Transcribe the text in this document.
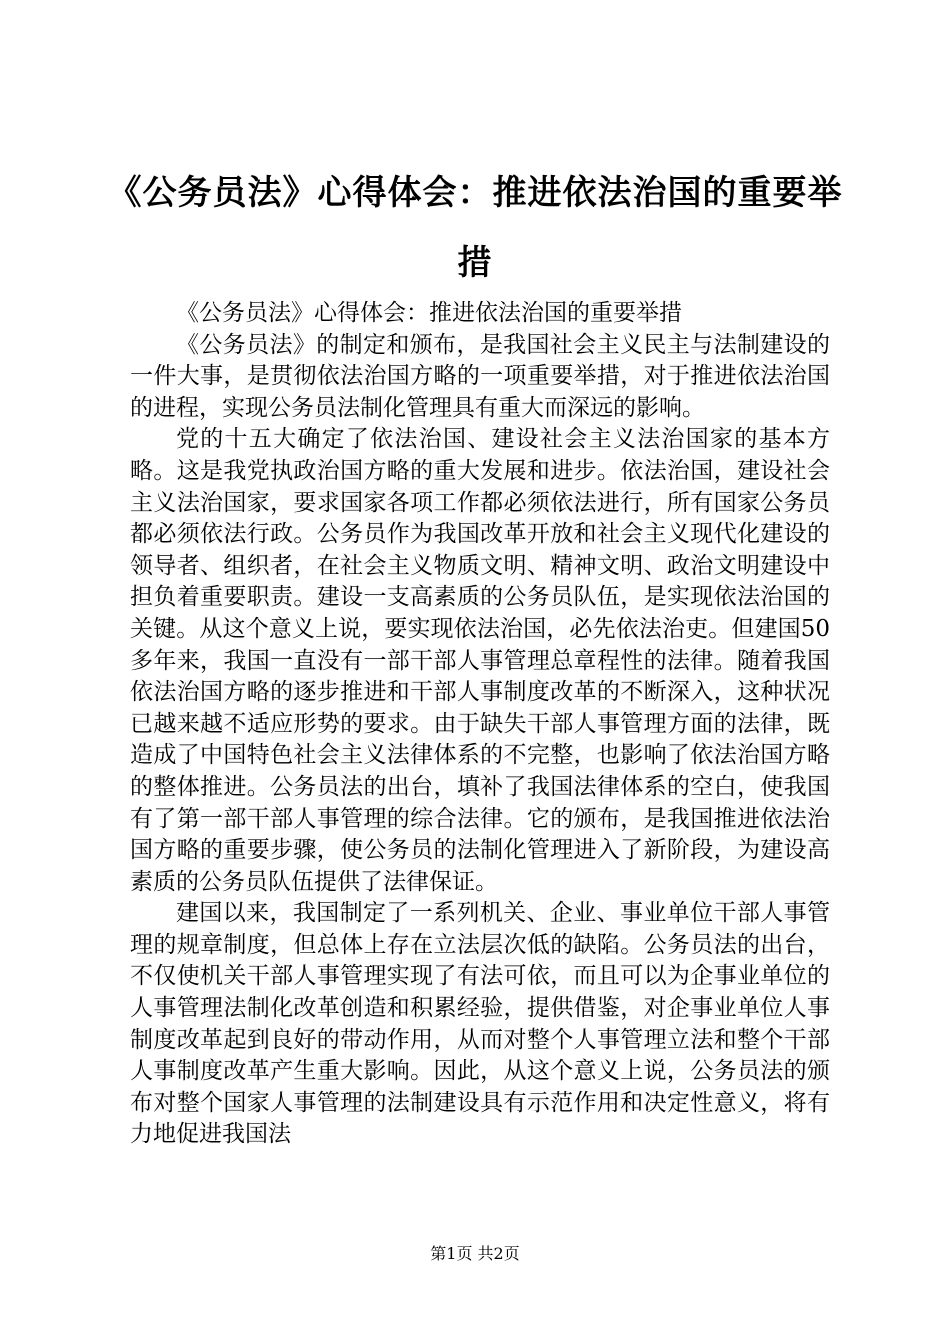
《公务员法》心得体会：推进依法治国的重要举措

《公务员法》心得体会：推进依法治国的重要举措

《公务员法》的制定和颁布，是我国社会主义民主与法制建设的一件大事，是贯彻依法治国方略的一项重要举措，对于推进依法治国的进程，实现公务员法制化管理具有重大而深远的影响。

党的十五大确定了依法治国、建设社会主义法治国家的基本方略。这是我党执政治国方略的重大发展和进步。依法治国，建设社会主义法治国家，要求国家各项工作都必须依法进行，所有国家公务员都必须依法行政。公务员作为我国改革开放和社会主义现代化建设的领导者、组织者，在社会主义物质文明、精神文明、政治文明建设中担负着重要职责。建设一支高素质的公务员队伍，是实现依法治国的关键。从这个意义上说，要实现依法治国，必先依法治吏。但建国50多年来，我国一直没有一部干部人事管理总章程性的法律。随着我国依法治国方略的逐步推进和干部人事制度改革的不断深入，这种状况已越来越不适应形势的要求。由于缺失干部人事管理方面的法律，既造成了中国特色社会主义法律体系的不完整，也影响了依法治国方略的整体推进。公务员法的出台，填补了我国法律体系的空白，使我国有了第一部干部人事管理的综合法律。它的颁布，是我国推进依法治国方略的重要步骤，使公务员的法制化管理进入了新阶段，为建设高素质的公务员队伍提供了法律保证。

建国以来，我国制定了一系列机关、企业、事业单位干部人事管理的规章制度，但总体上存在立法层次低的缺陷。公务员法的出台，不仅使机关干部人事管理实现了有法可依，而且可以为企事业单位的人事管理法制化改革创造和积累经验，提供借鉴，对企事业单位人事制度改革起到良好的带动作用，从而对整个人事管理立法和整个干部人事制度改革产生重大影响。因此，从这个意义上说，公务员法的颁布对整个国家人事管理的法制建设具有示范作用和决定性意义，将有力地促进我国法

第1页 共2页
